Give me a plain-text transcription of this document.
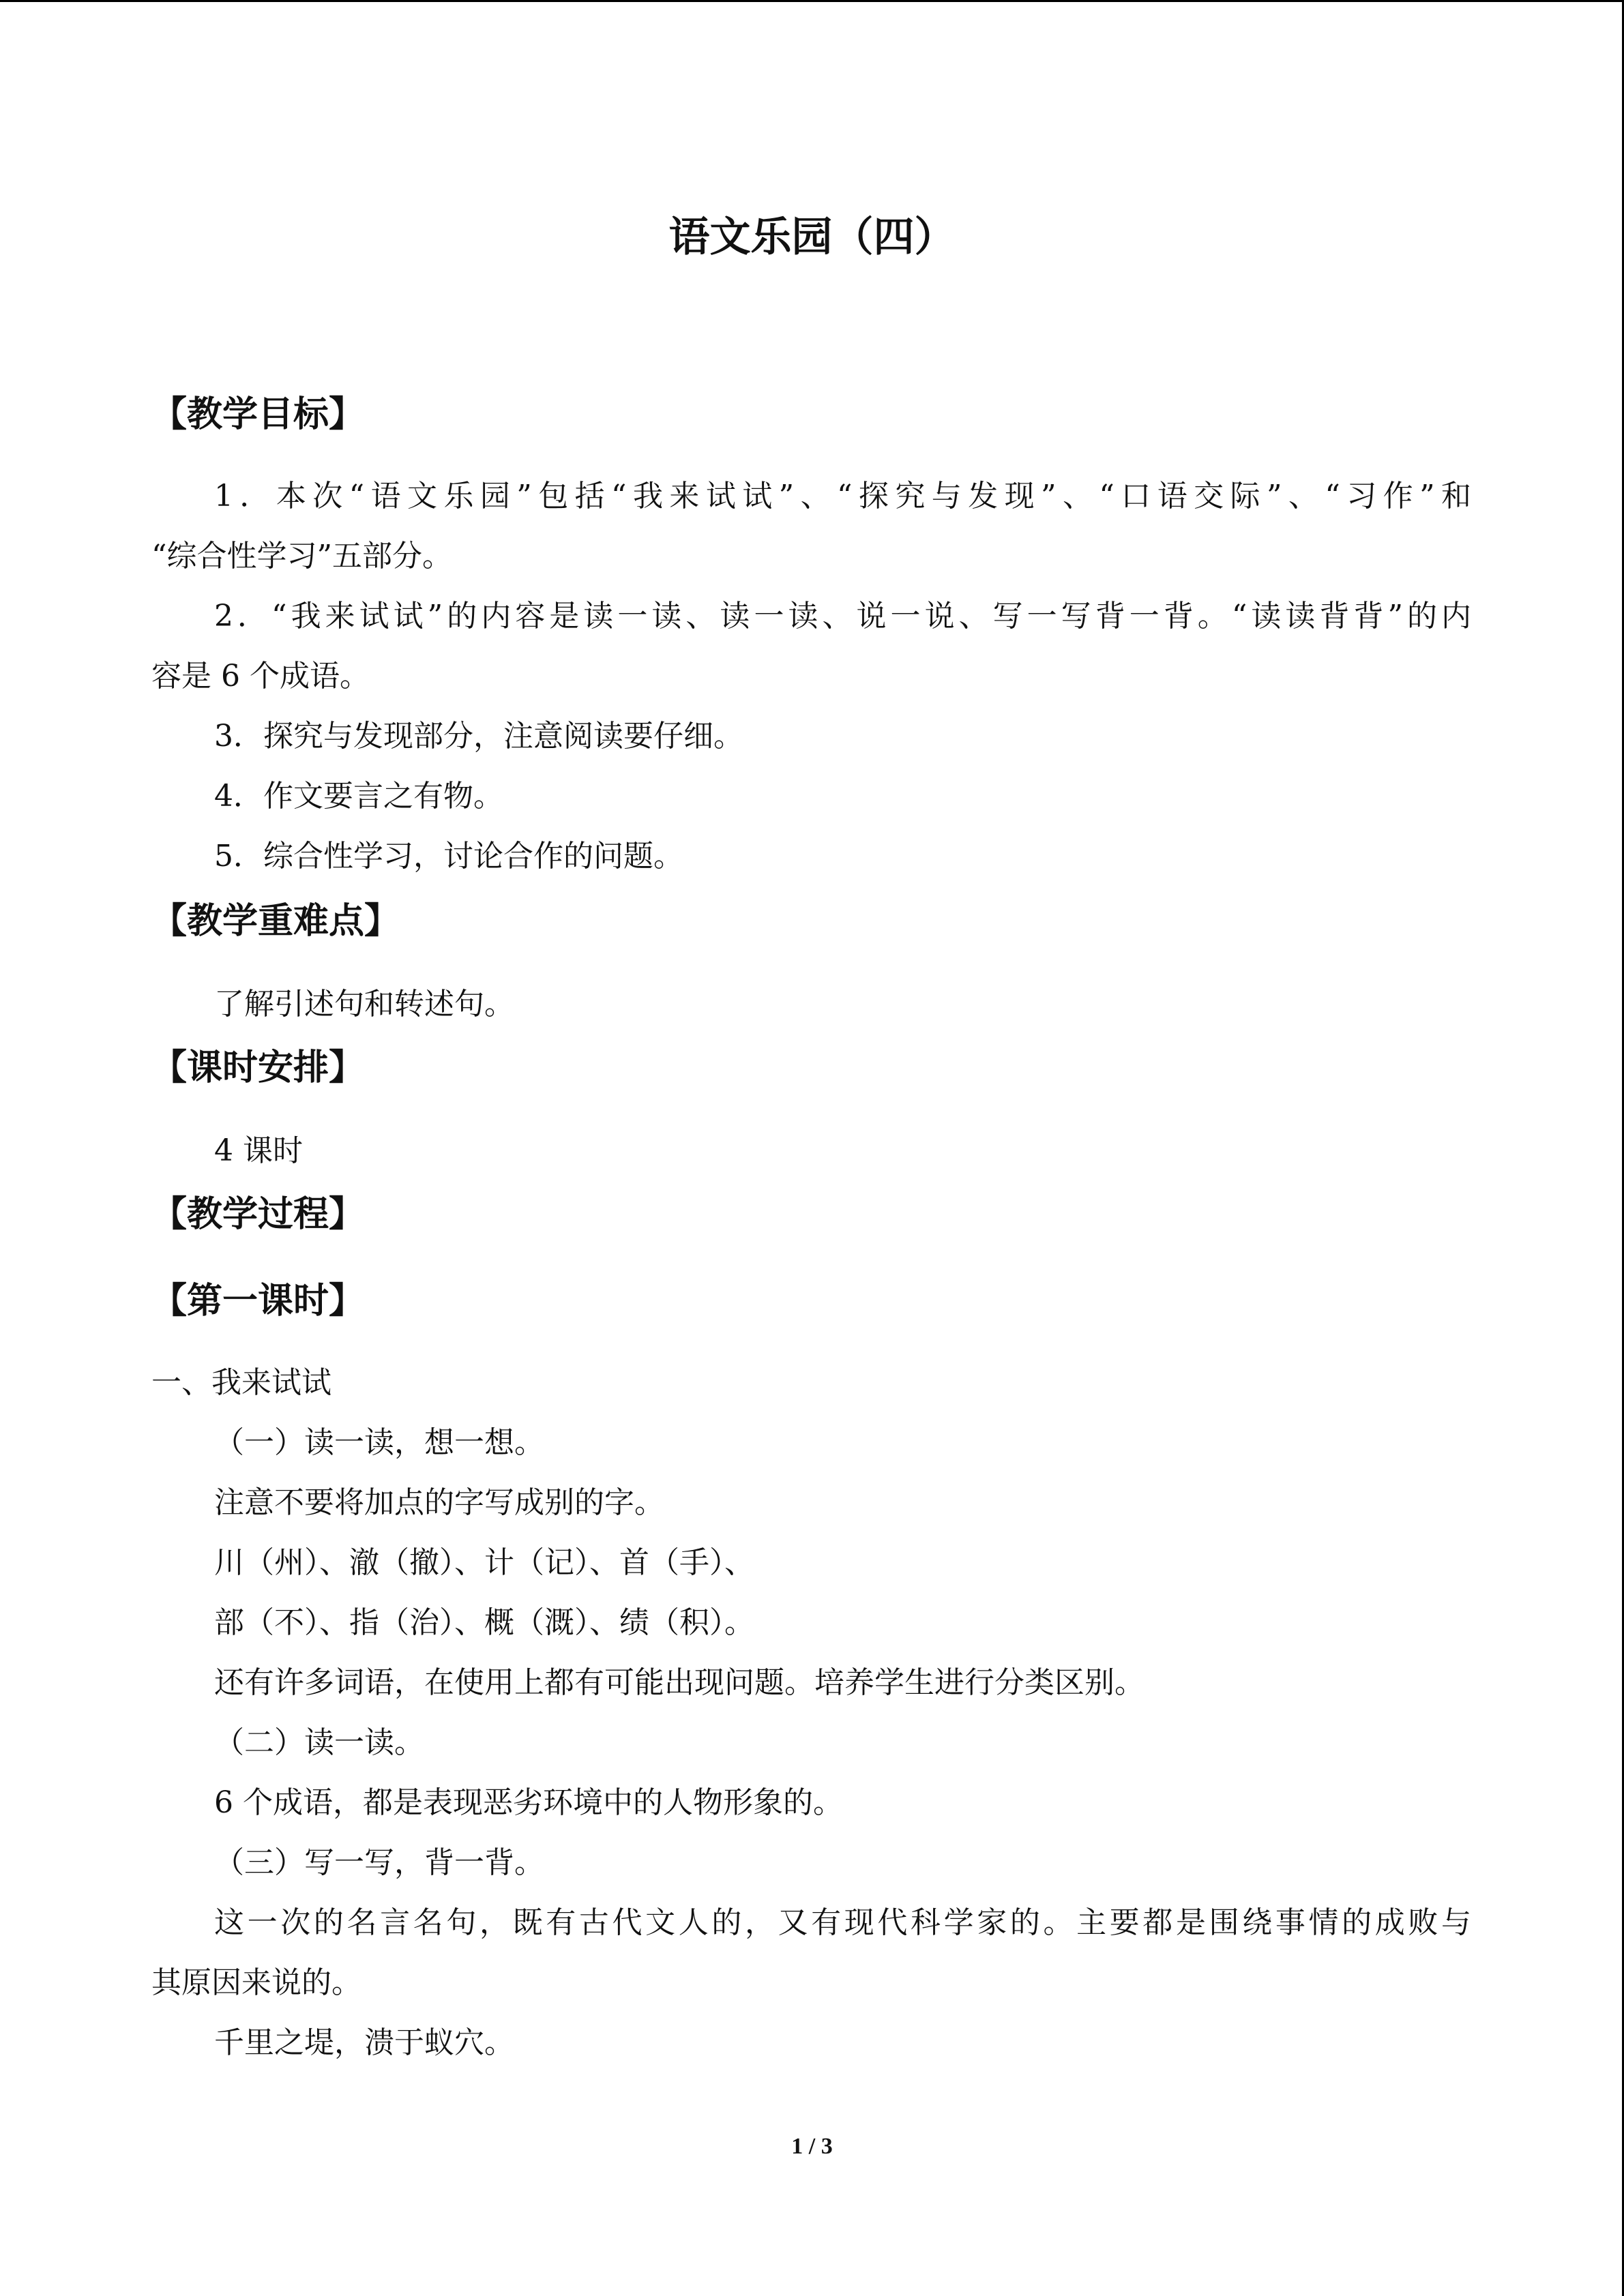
语文乐园（四）
【教学目标】
1．本次“语文乐园”包括“我来试试”、“探究与发现”、“口语交际”、“习作”和
“综合性学习”五部分。
2．“我来试试”的内容是读一读、读一读、说一说、写一写背一背。“读读背背”的内
容是 6 个成语。
3．探究与发现部分，注意阅读要仔细。
4．作文要言之有物。
5．综合性学习，讨论合作的问题。
【教学重难点】
了解引述句和转述句。
【课时安排】
4 课时
【教学过程】
【第一课时】
一、我来试试
（一）读一读，想一想。
注意不要将加点的字写成别的字。
川（州）、澈（撤）、计（记）、首（手）、
部（不）、指（治）、概（溉）、绩（积）。
还有许多词语，在使用上都有可能出现问题。培养学生进行分类区别。
（二）读一读。
6 个成语，都是表现恶劣环境中的人物形象的。
（三）写一写，背一背。
这一次的名言名句，既有古代文人的，又有现代科学家的。主要都是围绕事情的成败与
其原因来说的。
千里之堤，溃于蚁穴。
1 / 3
